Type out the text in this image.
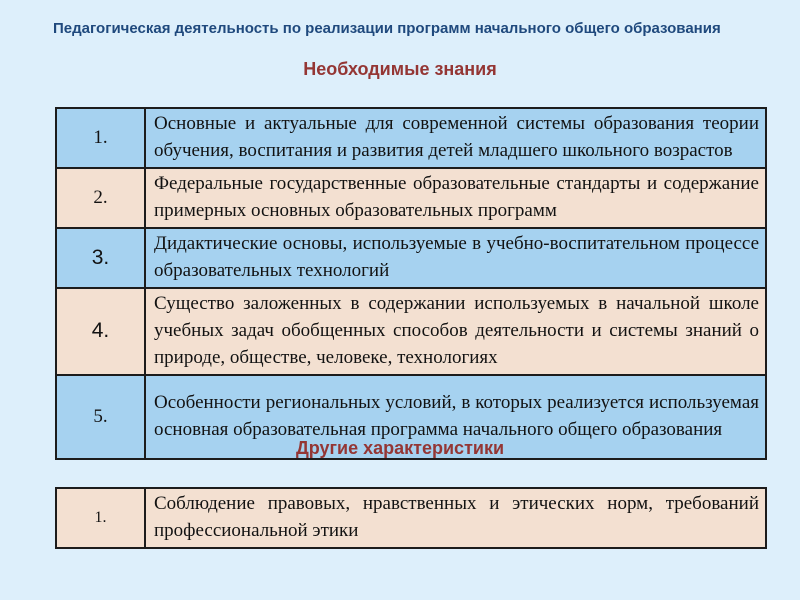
Педагогическая деятельность по реализации программ начального общего образования
Необходимые знания
1.	Основные и актуальные для современной системы образования теории обучения, воспитания и развития детей младшего школьного возрастов
2.	Федеральные государственные образовательные стандарты и содержание примерных основных образовательных программ
3.	Дидактические основы, используемые в учебно-воспитательном процессе образовательных технологий
4.	Существо заложенных в содержании используемых в начальной школе учебных задач обобщенных способов деятельности и системы знаний о природе, обществе, человеке, технологиях
5.	Особенности региональных условий, в которых реализуется используемая основная образовательная программа начального общего образования
Другие характеристики
1.	Соблюдение правовых, нравственных и этических норм, требований профессиональной этики
